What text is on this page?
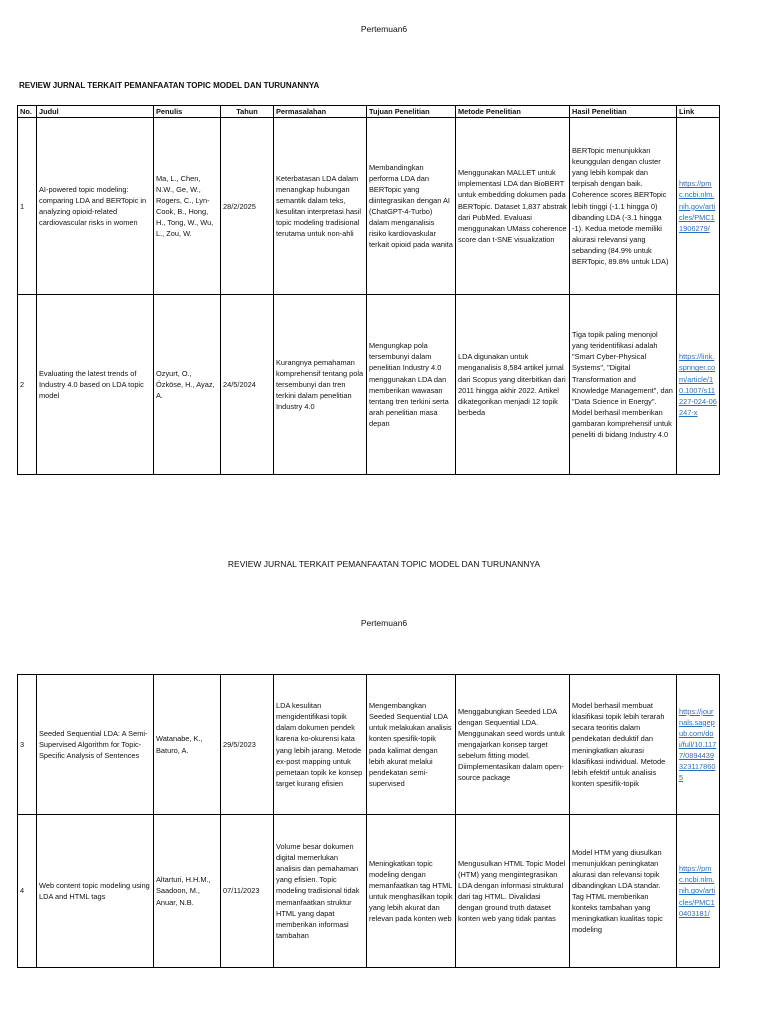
Pertemuan6
REVIEW JURNAL TERKAIT PEMANFAATAN TOPIC MODEL DAN TURUNANNYA
No.	Judul	Penulis	Tahun	Permasalahan	Tujuan Penelitian	Metode Penelitian	Hasil Penelitian	Link
1	AI-powered topic modeling: comparing LDA and BERTopic in analyzing opioid-related cardiovascular risks in women	Ma, L., Chen, N.W., Ge, W., Rogers, C., Lyn-Cook, B., Hong, H., Tong, W., Wu, L., Zou, W.	28/2/2025	Keterbatasan LDA dalam menangkap hubungan semantik dalam teks, kesulitan interpretasi hasil topic modeling tradisional terutama untuk non-ahli	Membandingkan performa LDA dan BERTopic yang diintegrasikan dengan AI (ChatGPT-4-Turbo) dalam menganalisis risiko kardiovaskular terkait opioid pada wanita	Menggunakan MALLET untuk implementasi LDA dan BioBERT untuk embedding dokumen pada BERTopic. Dataset 1,837 abstrak dari PubMed. Evaluasi menggunakan UMass coherence score dan t-SNE visualization	BERTopic menunjukkan keunggulan dengan cluster yang lebih kompak dan terpisah dengan baik. Coherence scores BERTopic lebih tinggi (-1.1 hingga 0) dibanding LDA (-3.1 hingga -1). Kedua metode memiliki akurasi relevansi yang sebanding (84.9% untuk BERTopic, 89.8% untuk LDA)	https://pmc.ncbi.nlm.nih.gov/articles/PMC11906279/
2	Evaluating the latest trends of Industry 4.0 based on LDA topic model	Ozyurt, O., Özköse, H., Ayaz, A.	24/5/2024	Kurangnya pemahaman komprehensif tentang pola tersembunyi dan tren terkini dalam penelitian Industry 4.0	Mengungkap pola tersembunyi dalam penelitian Industry 4.0 menggunakan LDA dan memberikan wawasan tentang tren terkini serta arah penelitian masa depan	LDA digunakan untuk menganalisis 8,584 artikel jurnal dari Scopus yang diterbitkan dari 2011 hingga akhir 2022. Artikel dikategorikan menjadi 12 topik berbeda	Tiga topik paling menonjol yang teridentifikasi adalah "Smart Cyber-Physical Systems", "Digital Transformation and Knowledge Management", dan "Data Science in Energy". Model berhasil memberikan gambaran komprehensif untuk peneliti di bidang Industry 4.0	https://link.springer.com/article/10.1007/s11227-024-06247-x
REVIEW JURNAL TERKAIT PEMANFAATAN TOPIC MODEL DAN TURUNANNYA
Pertemuan6
3	Seeded Sequential LDA: A Semi-Supervised Algorithm for Topic-Specific Analysis of Sentences	Watanabe, K., Baturo, A.	29/5/2023	LDA kesulitan mengidentifikasi topik dalam dokumen pendek karena ko-okurensi kata yang lebih jarang. Metode ex-post mapping untuk pemetaan topik ke konsep target kurang efisien	Mengembangkan Seeded Sequential LDA untuk melakukan analisis konten spesifik-topik pada kalimat dengan lebih akurat melalui pendekatan semi-supervised	Menggabungkan Seeded LDA dengan Sequential LDA. Menggunakan seed words untuk mengajarkan konsep target sebelum fitting model. Diimplementasikan dalam open-source package	Model berhasil membuat klasifikasi topik lebih terarah secara teoritis dalam pendekatan deduktif dan meningkatkan akurasi klasifikasi individual. Metode lebih efektif untuk analisis konten spesifik-topik	https://journals.sagepub.com/doi/full/10.1177/08944393231178605
4	Web content topic modeling using LDA and HTML tags	Altarturi, H.H.M., Saadoon, M., Anuar, N.B.	07/11/2023	Volume besar dokumen digital memerlukan analisis dan pemahaman yang efisien. Topic modeling tradisional tidak memanfaatkan struktur HTML yang dapat memberikan informasi tambahan	Meningkatkan topic modeling dengan memanfaatkan tag HTML untuk menghasilkan topik yang lebih akurat dan relevan pada konten web	Mengusulkan HTML Topic Model (HTM) yang mengintegrasikan LDA dengan informasi struktural dari tag HTML. Divalidasi dengan ground truth dataset konten web yang tidak pantas	Model HTM yang diusulkan menunjukkan peningkatan akurasi dan relevansi topik dibandingkan LDA standar. Tag HTML memberikan konteks tambahan yang meningkatkan kualitas topic modeling	https://pmc.ncbi.nlm.nih.gov/articles/PMC10403181/
